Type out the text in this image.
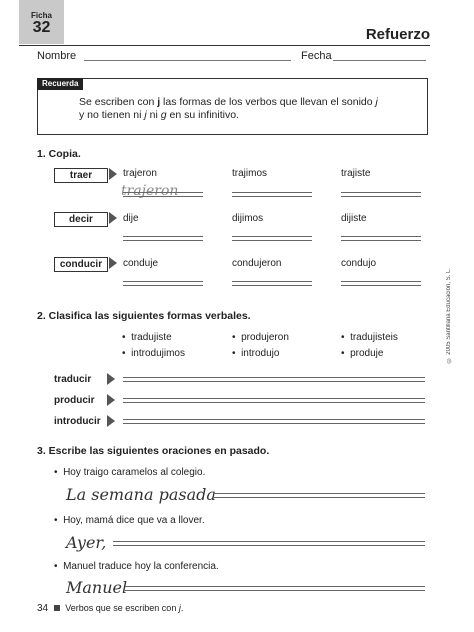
Ficha
32	Refuerzo
Nombre	Fecha
Recuerda
Se escriben con j las formas de los verbos que llevan el sonido j
y no tienen ni j ni g en su infinitivo.
1. Copia.
traer	trajeron	trajimos	trajiste
trajeron
decir	dije	dijimos	dijiste
conducir	conduje	condujeron	condujo
2. Clasifica las siguientes formas verbales.
•  tradujiste	•  produjeron	•  tradujisteis
•  introdujimos	•  introdujo	•  produje
traducir
producir
introducir
3. Escribe las siguientes oraciones en pasado.
•  Hoy traigo caramelos al colegio.
La semana pasada
•  Hoy, mamá dice que va a llover.
Ayer,
•  Manuel traduce hoy la conferencia.
Manuel
© 2005 Santillana Educación, S. L.
34 Verbos que se escriben con j.
